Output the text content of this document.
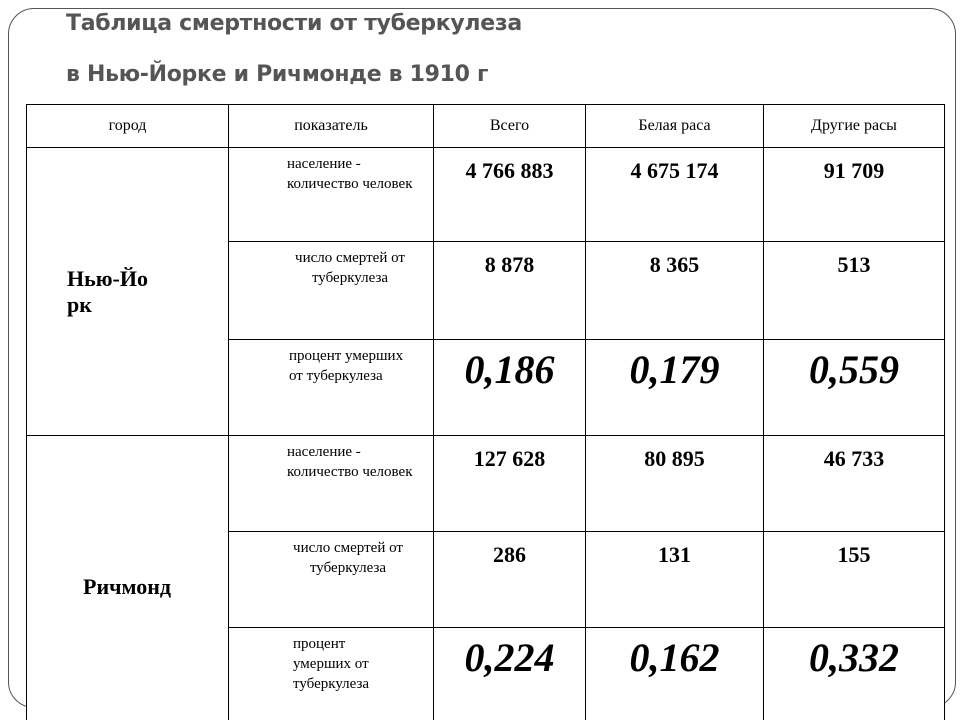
Таблица смертности от туберкулеза

в Нью-Йорке и Ричмонде в 1910 г

город	показатель	Всего	Белая раса	Другие расы

Нью-Йорк	население - количество человек	4 766 883	4 675 174	91 709

	число смертей от туберкулеза	8 878	8 365	513

	процент умерших от туберкулеза	0,186	0,179	0,559

Ричмонд	население - количество человек	127 628	80 895	46 733

	число смертей от туберкулеза	286	131	155

	процент умерших от туберкулеза	0,224	0,162	0,332
